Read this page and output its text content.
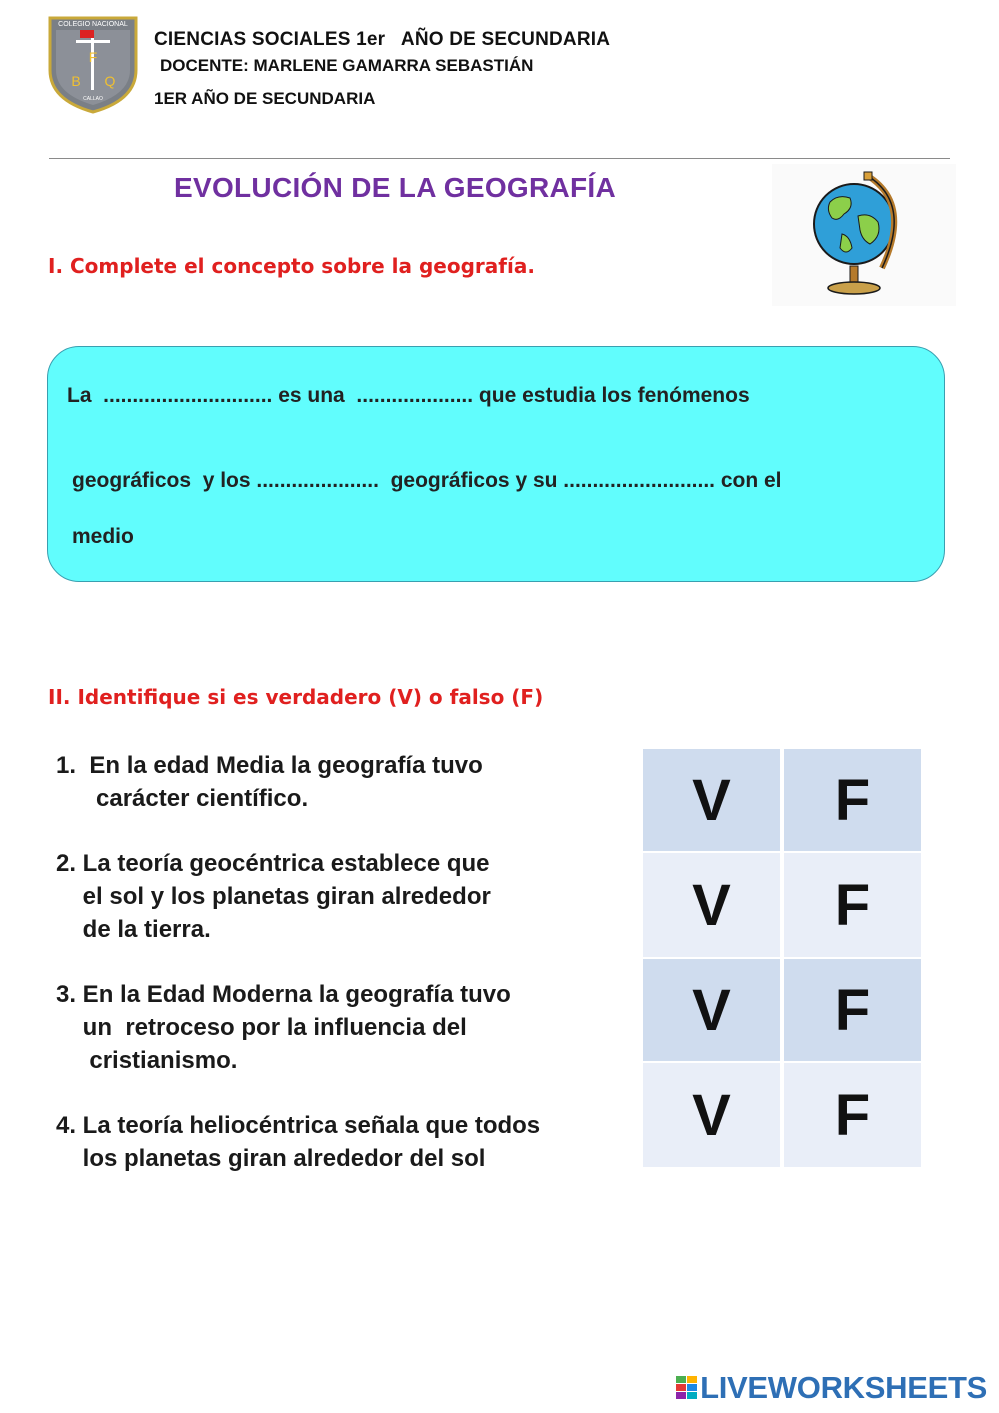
COLEGIO NACIONAL
F
B Q
CALLAO
CIENCIAS SOCIALES 1er   AÑO DE SECUNDARIA
DOCENTE: MARLENE GAMARRA SEBASTIÁN
1ER AÑO DE SECUNDARIA
EVOLUCIÓN DE LA GEOGRAFÍA
I. Complete el concepto sobre la geografía.
La  ............................. es una  .................... que estudia los fenómenos
geográficos  y los .....................  geográficos y su .......................... con el
medio
II. Identifique si es verdadero (V) o falso (F)
1.  En la edad Media la geografía tuvo
carácter científico.
2. La teoría geocéntrica establece que
el sol y los planetas giran alrededor
de la tierra.
3. En la Edad Moderna la geografía tuvo
un  retroceso por la influencia del
cristianismo.
4. La teoría heliocéntrica señala que todos
los planetas giran alrededor del sol
V	F
V	F
V	F
V	F
LIVEWORKSHEETS
